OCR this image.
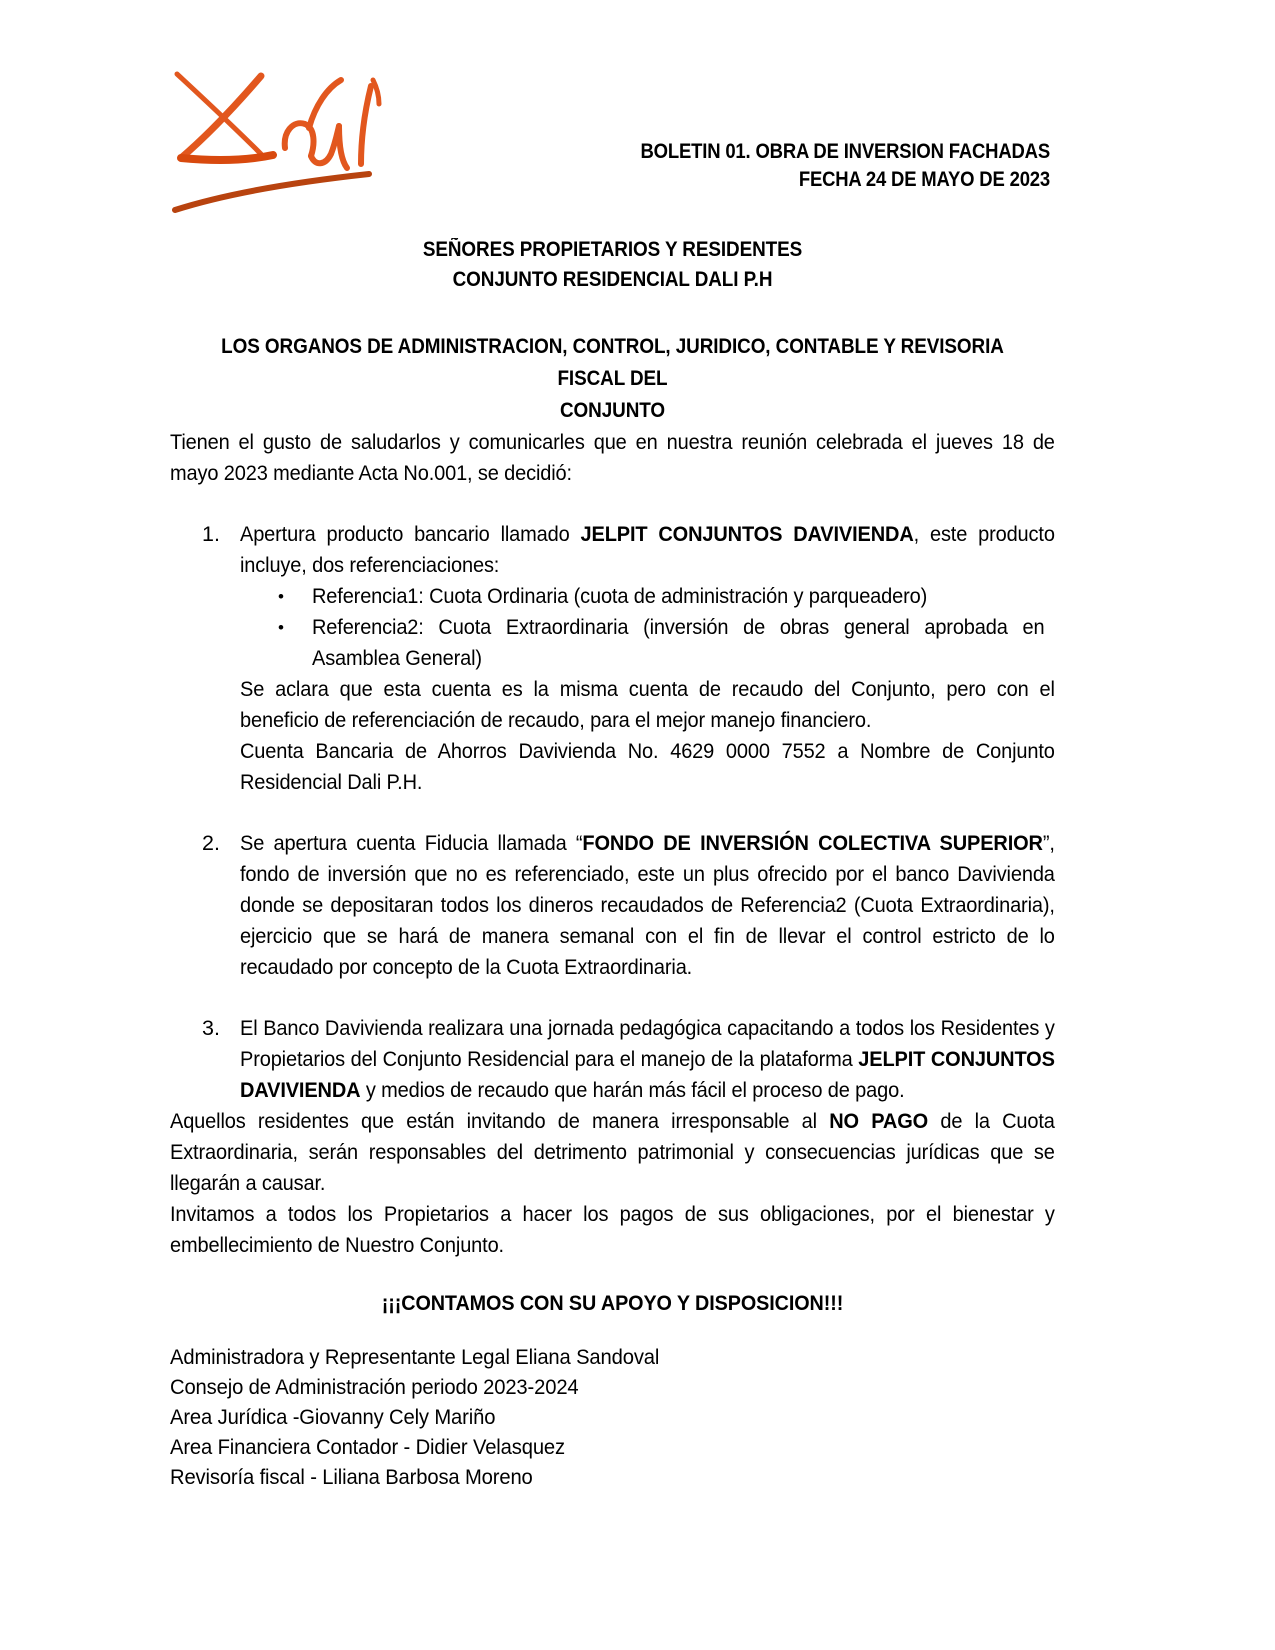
BOLETIN 01. OBRA DE INVERSION FACHADAS
FECHA 24 DE MAYO DE 2023
SEÑORES PROPIETARIOS Y RESIDENTES
CONJUNTO RESIDENCIAL DALI P.H
LOS ORGANOS DE ADMINISTRACION, CONTROL, JURIDICO, CONTABLE Y REVISORIA FISCAL DEL
CONJUNTO

Tienen el gusto de saludarlos y comunicarles que en nuestra reunión celebrada el jueves 18 de mayo 2023 mediante Acta No.001, se decidió:

Apertura producto bancario llamado JELPIT CONJUNTOS DAVIVIENDA, este producto incluye, dos referenciaciones:

• Referencia1: Cuota Ordinaria (cuota de administración y parqueadero)

• Referencia2: Cuota Extraordinaria (inversión de obras general aprobada en Asamblea General)

Se aclara que esta cuenta es la misma cuenta de recaudo del Conjunto, pero con el beneficio de referenciación de recaudo, para el mejor manejo financiero.

Cuenta Bancaria de Ahorros Davivienda No. 4629 0000 7552 a Nombre de Conjunto Residencial Dali P.H.

Se apertura cuenta Fiducia llamada “FONDO DE INVERSIÓN COLECTIVA SUPERIOR”, fondo de inversión que no es referenciado, este un plus ofrecido por el banco Davivienda donde se depositaran todos los dineros recaudados de Referencia2 (Cuota Extraordinaria), ejercicio que se hará de manera semanal con el fin de llevar el control estricto de lo recaudado por concepto de la Cuota Extraordinaria.

El Banco Davivienda realizara una jornada pedagógica capacitando a todos los Residentes y Propietarios del Conjunto Residencial para el manejo de la plataforma JELPIT CONJUNTOS DAVIVIENDA y medios de recaudo que harán más fácil el proceso de pago.

Aquellos residentes que están invitando de manera irresponsable al NO PAGO de la Cuota Extraordinaria, serán responsables del detrimento patrimonial y consecuencias jurídicas que se llegarán a causar.

Invitamos a todos los Propietarios a hacer los pagos de sus obligaciones, por el bienestar y embellecimiento de Nuestro Conjunto.

¡¡¡CONTAMOS CON SU APOYO Y DISPOSICION!!!
Administradora y Representante Legal Eliana Sandoval
Consejo de Administración periodo 2023-2024
Area Jurídica -Giovanny Cely Mariño
Area Financiera Contador - Didier Velasquez
Revisoría fiscal - Liliana Barbosa Moreno
